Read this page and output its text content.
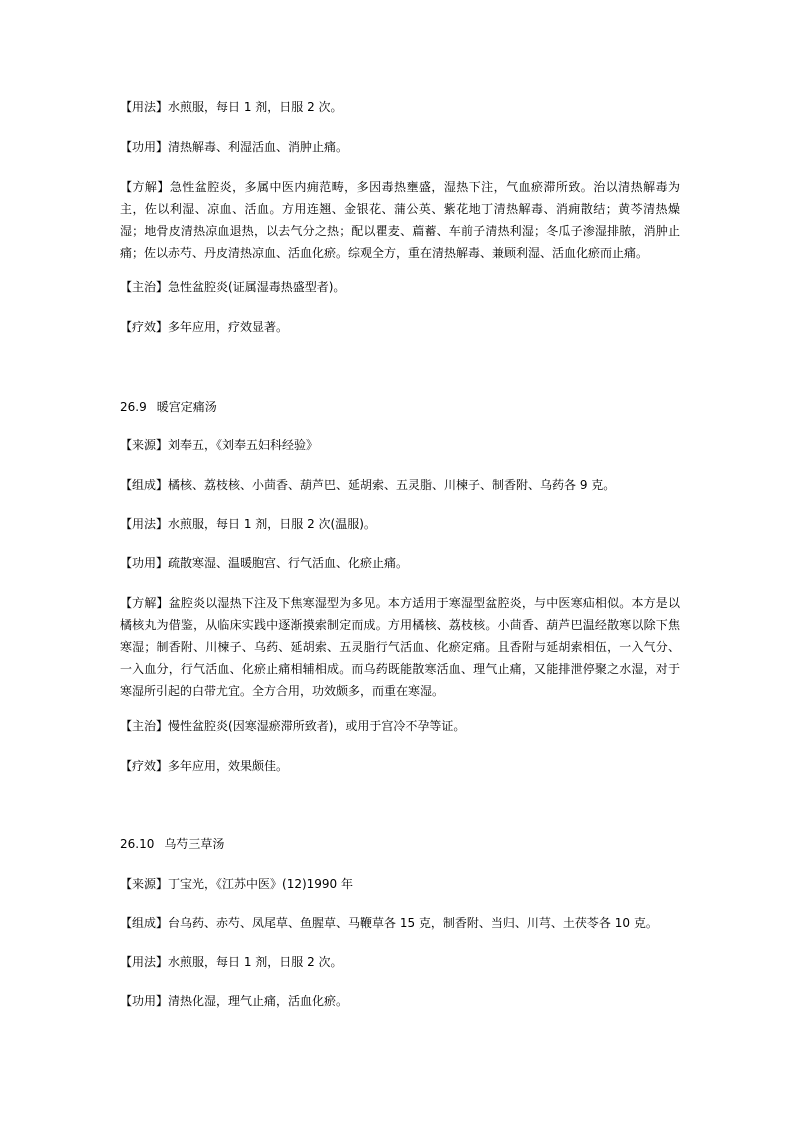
【用法】水煎服，每日 1 剂，日服 2 次。

【功用】清热解毒、利湿活血、消肿止痛。

【方解】急性盆腔炎，多属中医内痈范畴，多因毒热壅盛，湿热下注，气血瘀滞所致。治以清热解毒为主，佐以利湿、凉血、活血。方用连翘、金银花、蒲公英、紫花地丁清热解毒、消痈散结；黄芩清热燥湿；地骨皮清热凉血退热，以去气分之热；配以瞿麦、萹蓄、车前子清热利湿；冬瓜子渗湿排脓，消肿止痛；佐以赤芍、丹皮清热凉血、活血化瘀。综观全方，重在清热解毒、兼顾利湿、活血化瘀而止痛。

【主治】急性盆腔炎(证属湿毒热盛型者)。

【疗效】多年应用，疗效显著。

26.9 暖宫定痛汤

【来源】刘奉五，《刘奉五妇科经验》

【组成】橘核、荔枝核、小茴香、葫芦巴、延胡索、五灵脂、川楝子、制香附、乌药各 9 克。

【用法】水煎服，每日 1 剂，日服 2 次(温服)。

【功用】疏散寒湿、温暖胞宫、行气活血、化瘀止痛。

【方解】盆腔炎以湿热下注及下焦寒湿型为多见。本方适用于寒湿型盆腔炎，与中医寒疝相似。本方是以橘核丸为借鉴，从临床实践中逐渐摸索制定而成。方用橘核、荔枝核。小茴香、葫芦巴温经散寒以除下焦寒湿；制香附、川楝子、乌药、延胡索、五灵脂行气活血、化瘀定痛。且香附与延胡索相伍，一入气分、一入血分，行气活血、化瘀止痛相辅相成。而乌药既能散寒活血、理气止痛，又能排泄停聚之水湿，对于寒湿所引起的白带尤宜。全方合用，功效颇多，而重在寒湿。

【主治】慢性盆腔炎(因寒湿瘀滞所致者)，或用于宫冷不孕等证。

【疗效】多年应用，效果颇佳。

26.10 乌芍三草汤

【来源】丁宝光，《江苏中医》(12)1990 年

【组成】台乌药、赤芍、凤尾草、鱼腥草、马鞭草各 15 克，制香附、当归、川芎、土茯苓各 10 克。

【用法】水煎服，每日 1 剂，日服 2 次。

【功用】清热化湿，理气止痛，活血化瘀。
